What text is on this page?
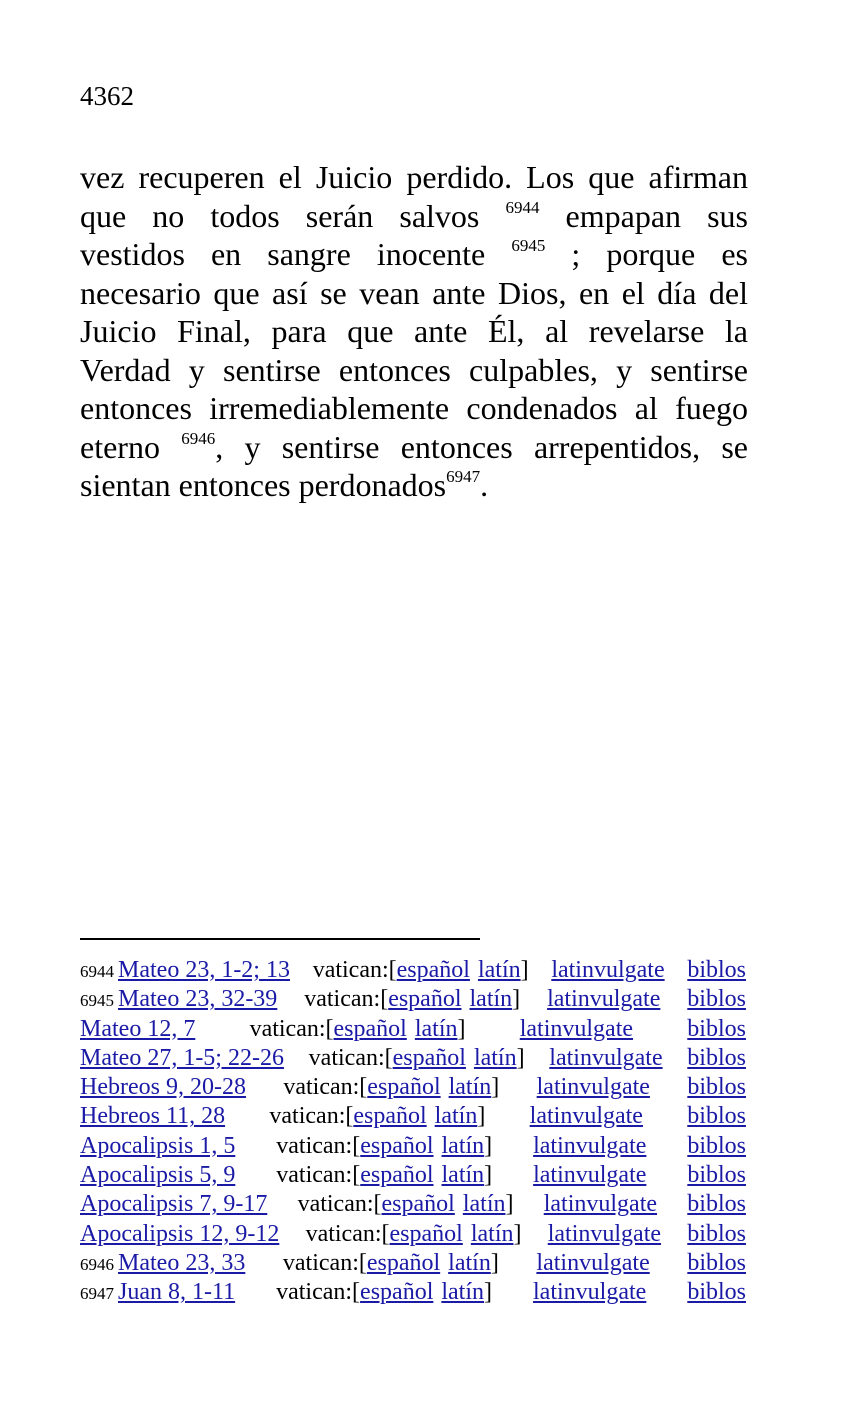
4362
vez recuperen el Juicio perdido. Los que afirman
que no todos serán salvos $^{6944}$ empapan sus
vestidos en sangre inocente $^{6945}$ ; porque es
necesario que así se vean ante Dios, en el día del
Juicio Final, para que ante Él, al revelarse la
Verdad y sentirse entonces culpables, y sentirse
entonces irremediablemente condenados al fuego
eterno $^{6946}$, y sentirse entonces arrepentidos, se
sientan entonces perdonados$^{6947}$.
6944 Mateo 23, 1-2; 13 vatican:[español latín] latinvulgate biblos
6945 Mateo 23, 32-39 vatican:[español latín] latinvulgate biblos
Mateo 12, 7 vatican:[español latín] latinvulgate biblos
Mateo 27, 1-5; 22-26 vatican:[español latín] latinvulgate biblos
Hebreos 9, 20-28 vatican:[español latín] latinvulgate biblos
Hebreos 11, 28 vatican:[español latín] latinvulgate biblos
Apocalipsis 1, 5 vatican:[español latín] latinvulgate biblos
Apocalipsis 5, 9 vatican:[español latín] latinvulgate biblos
Apocalipsis 7, 9-17 vatican:[español latín] latinvulgate biblos
Apocalipsis 12, 9-12 vatican:[español latín] latinvulgate biblos
6946 Mateo 23, 33 vatican:[español latín] latinvulgate biblos
6947 Juan 8, 1-11 vatican:[español latín] latinvulgate biblos
